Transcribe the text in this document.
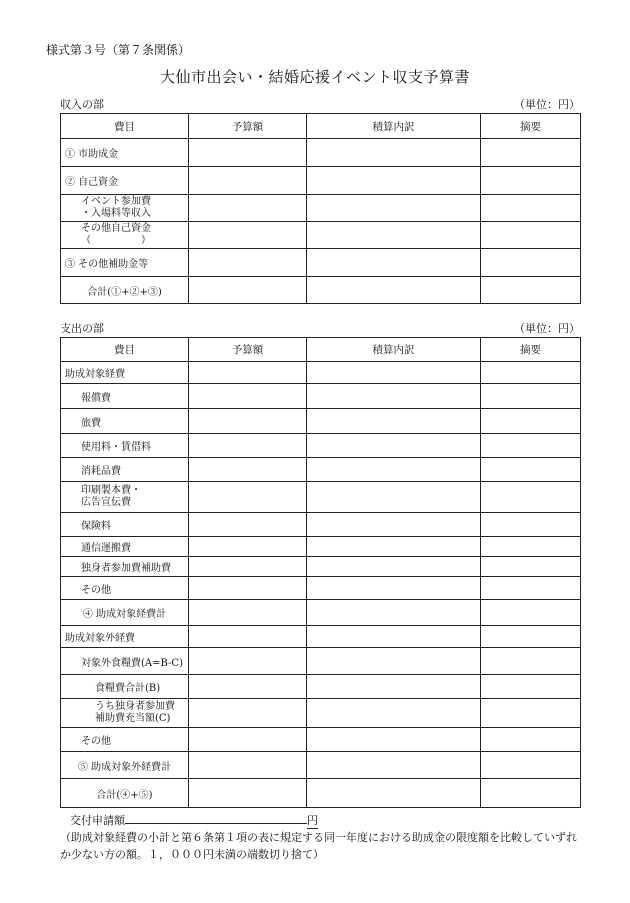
様式第３号（第７条関係）
大仙市出会い・結婚応援イベント収支予算書
収入の部	（単位：円）
費目	予算額	積算内訳	摘要
① 市助成金			
② 自己資金			

イベント参加費
・入場料等収入			

その他自己資金
（　　　　　）			

③ その他補助金等			
合計(①+②+③)			
支出の部	（単位：円）
費目	予算額	積算内訳	摘要
助成対象経費			
報償費			
旅費			
使用料・賃借料			
消耗品費			

印刷製本費・
広告宣伝費			

保険料			
通信運搬費			
独身者参加費補助費			
その他			
④ 助成対象経費計			
助成対象外経費			
対象外食糧費(A=B-C)			
食糧費合計(B)			

うち独身者参加費
補助費充当額(C)			

その他			
⑤ 助成対象外経費計			
合計(④+⑤)			
交付申請額	円
（助成対象経費の小計と第６条第１項の表に規定する同一年度における助成金の限度額を比較していずれか少ない方の額。１，０００円未満の端数切り捨て）
